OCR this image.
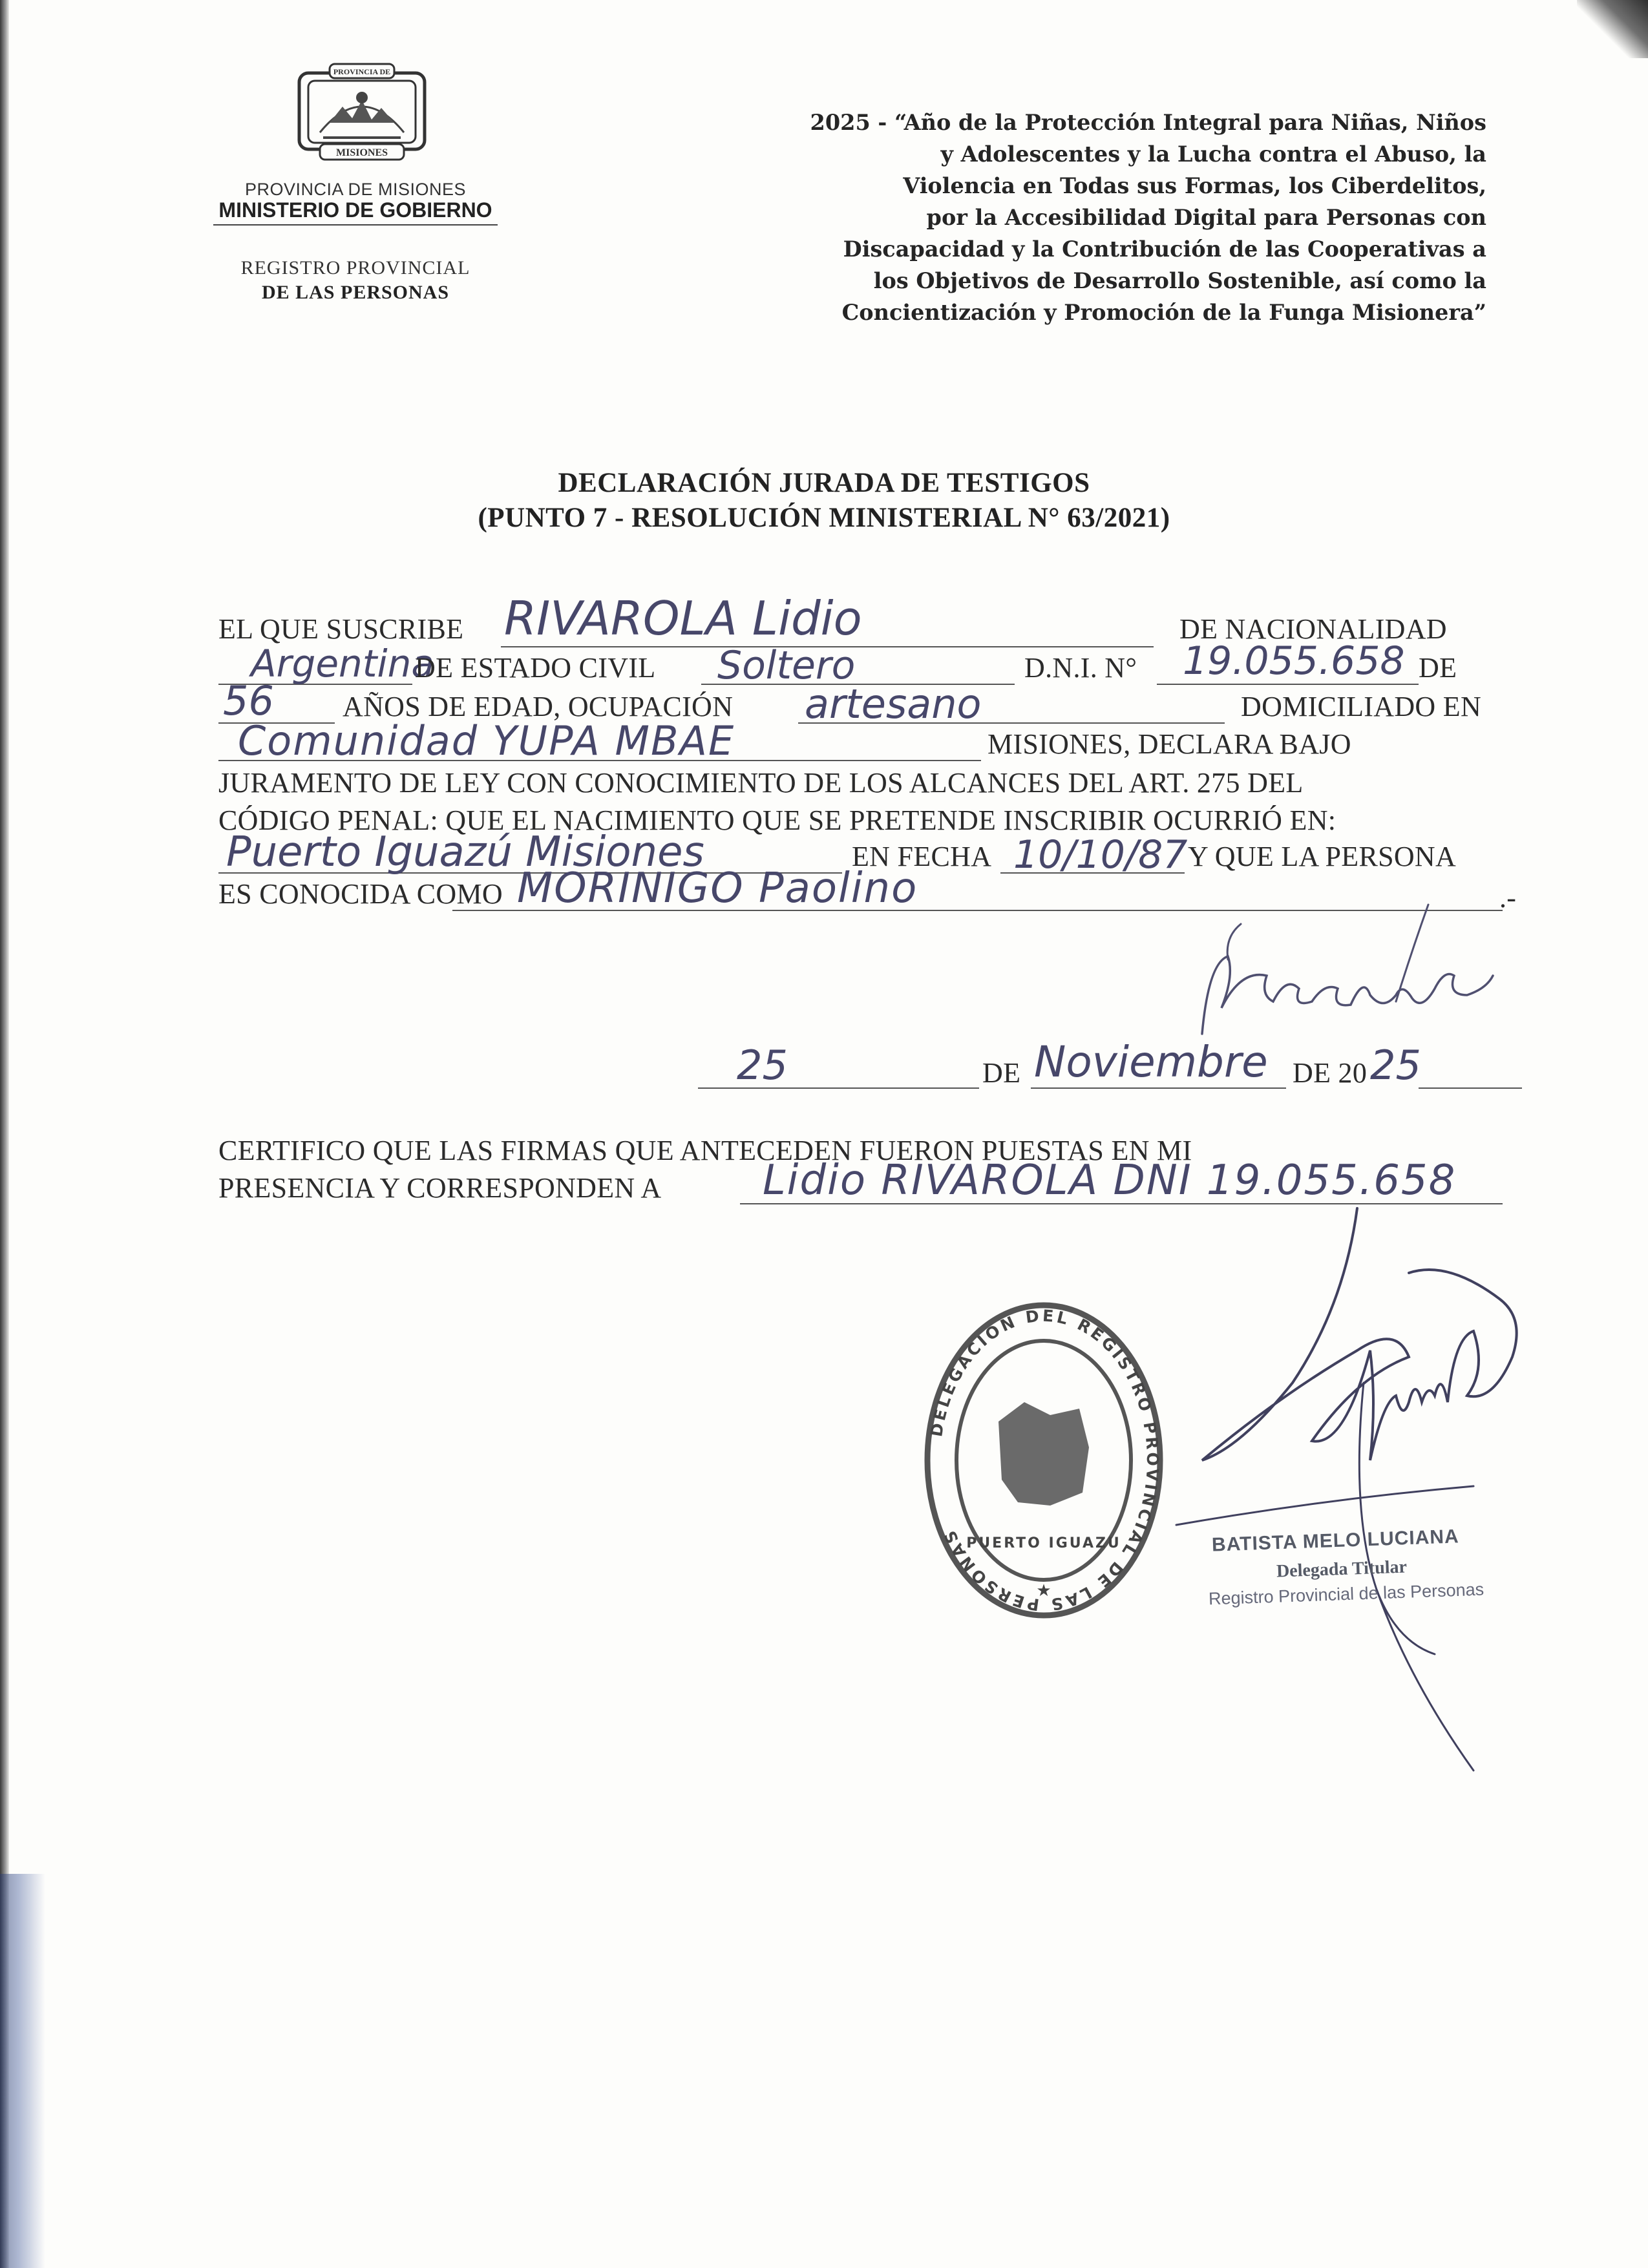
PROVINCIA DE
MISIONES
PROVINCIA DE MISIONES
MINISTERIO DE GOBIERNO
REGISTRO PROVINCIAL
DE LAS PERSONAS
2025 - “Año de la Protección Integral para Niñas, Niños
y Adolescentes y la Lucha contra el Abuso, la
Violencia en Todas sus Formas, los Ciberdelitos,
por la Accesibilidad Digital para Personas con
Discapacidad y la Contribución de las Cooperativas a
los Objetivos de Desarrollo Sostenible, así como la
Concientización y Promoción de la Funga Misionera”
DECLARACIÓN JURADA DE TESTIGOS
(PUNTO 7 - RESOLUCIÓN MINISTERIAL N° 63/2021)
EL QUE SUSCRIBE RIVAROLA Lidio	DE NACIONALIDAD
Argentina
DE ESTADO CIVIL Soltero	D.N.I. N° 19.055.658 DE
56 AÑOS DE EDAD, OCUPACIÓN artesano	DOMICILIADO EN
Comunidad YUPA MBAE	MISIONES, DECLARA BAJO
JURAMENTO DE LEY CON CONOCIMIENTO DE LOS ALCANCES DEL ART. 275 DEL
CÓDIGO PENAL: QUE EL NACIMIENTO QUE SE PRETENDE INSCRIBIR OCURRIÓ EN:
Puerto Iguazú Misiones	EN FECHA 10/10/87 Y QUE LA PERSONA
ES CONOCIDA COMO MORINIGO Paolino	.-
25	DE Noviembre DE 20 25
CERTIFICO QUE LAS FIRMAS QUE ANTECEDEN FUERON PUESTAS EN MI
PRESENCIA Y CORRESPONDEN A Lidio RIVAROLA DNI 19.055.658
DELEGACION DEL REGISTRO PROVINCIAL DE LAS PERSONAS PUERTO IGUAZU
★
BATISTA MELO LUCIANA
Delegada Titular
Registro Provincial de las Personas
